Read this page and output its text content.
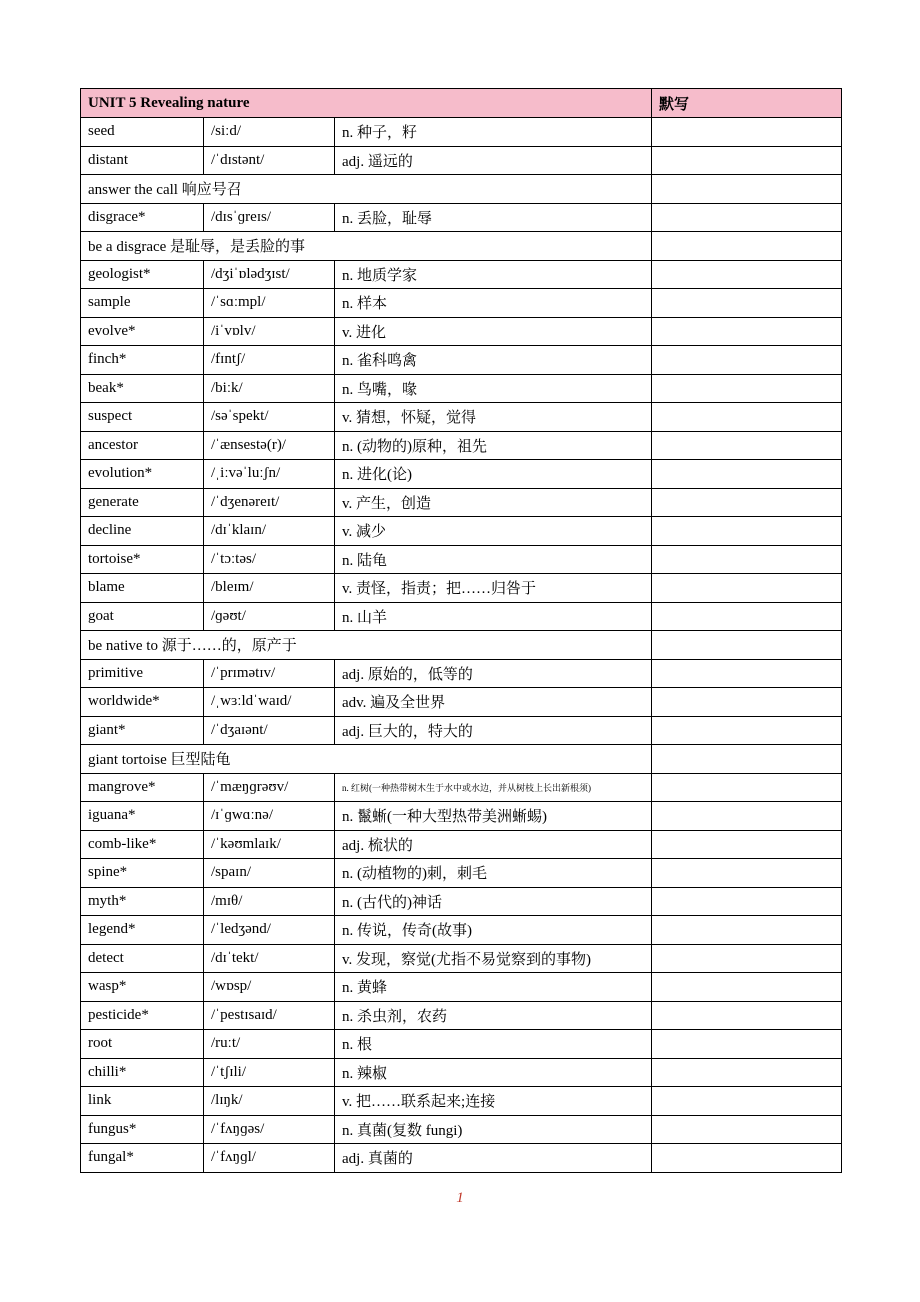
UNIT 5 Revealing nature			默写
seed	/siːd/	n. 种子，籽	
distant	/ˈdɪstənt/	adj. 遥远的	
answer the call 响应号召			
disgrace*	/dɪsˈɡreɪs/	n. 丢脸，耻辱	
be a disgrace 是耻辱，是丢脸的事			
geologist*	/dʒiˈɒlədʒɪst/	n. 地质学家	
sample	/ˈsɑːmpl/	n. 样本	
evolve*	/iˈvɒlv/	v. 进化	
finch*	/fɪntʃ/	n. 雀科鸣禽	
beak*	/biːk/	n. 鸟嘴，喙	
suspect	/səˈspekt/	v. 猜想，怀疑，觉得	
ancestor	/ˈænsestə(r)/	n. (动物的)原种，祖先	
evolution*	/ˌiːvəˈluːʃn/	n. 进化(论)	
generate	/ˈdʒenəreɪt/	v. 产生，创造	
decline	/dɪˈklaɪn/	v. 减少	
tortoise*	/ˈtɔːtəs/	n. 陆龟	
blame	/bleɪm/	v. 责怪，指责；把……归咎于	
goat	/ɡəʊt/	n. 山羊	
be native to 源于……的，原产于			
primitive	/ˈprɪmətɪv/	adj. 原始的，低等的	
worldwide*	/ˌwɜːldˈwaɪd/	adv. 遍及全世界	
giant*	/ˈdʒaɪənt/	adj. 巨大的，特大的	
giant tortoise 巨型陆龟			
mangrove*	/ˈmæŋɡrəʊv/	n. 红树(一种热带树木生于水中或水边，并从树枝上长出新根须)	
iguana*	/ɪˈɡwɑːnə/	n. 鬣蜥(一种大型热带美洲蜥蜴)	
comb-like*	/ˈkəʊmlaɪk/	adj. 梳状的	
spine*	/spaɪn/	n. (动植物的)刺，刺毛	
myth*	/mɪθ/	n. (古代的)神话	
legend*	/ˈledʒənd/	n. 传说，传奇(故事)	
detect	/dɪˈtekt/	v. 发现，察觉(尤指不易觉察到的事物)	
wasp*	/wɒsp/	n. 黄蜂	
pesticide*	/ˈpestɪsaɪd/	n. 杀虫剂，农药	
root	/ruːt/	n. 根	
chilli*	/ˈtʃɪli/	n. 辣椒	
link	/lɪŋk/	v. 把……联系起来;连接	
fungus*	/ˈfʌŋɡəs/	n. 真菌(复数 fungi)	
fungal*	/ˈfʌŋɡl/	adj. 真菌的	
1
